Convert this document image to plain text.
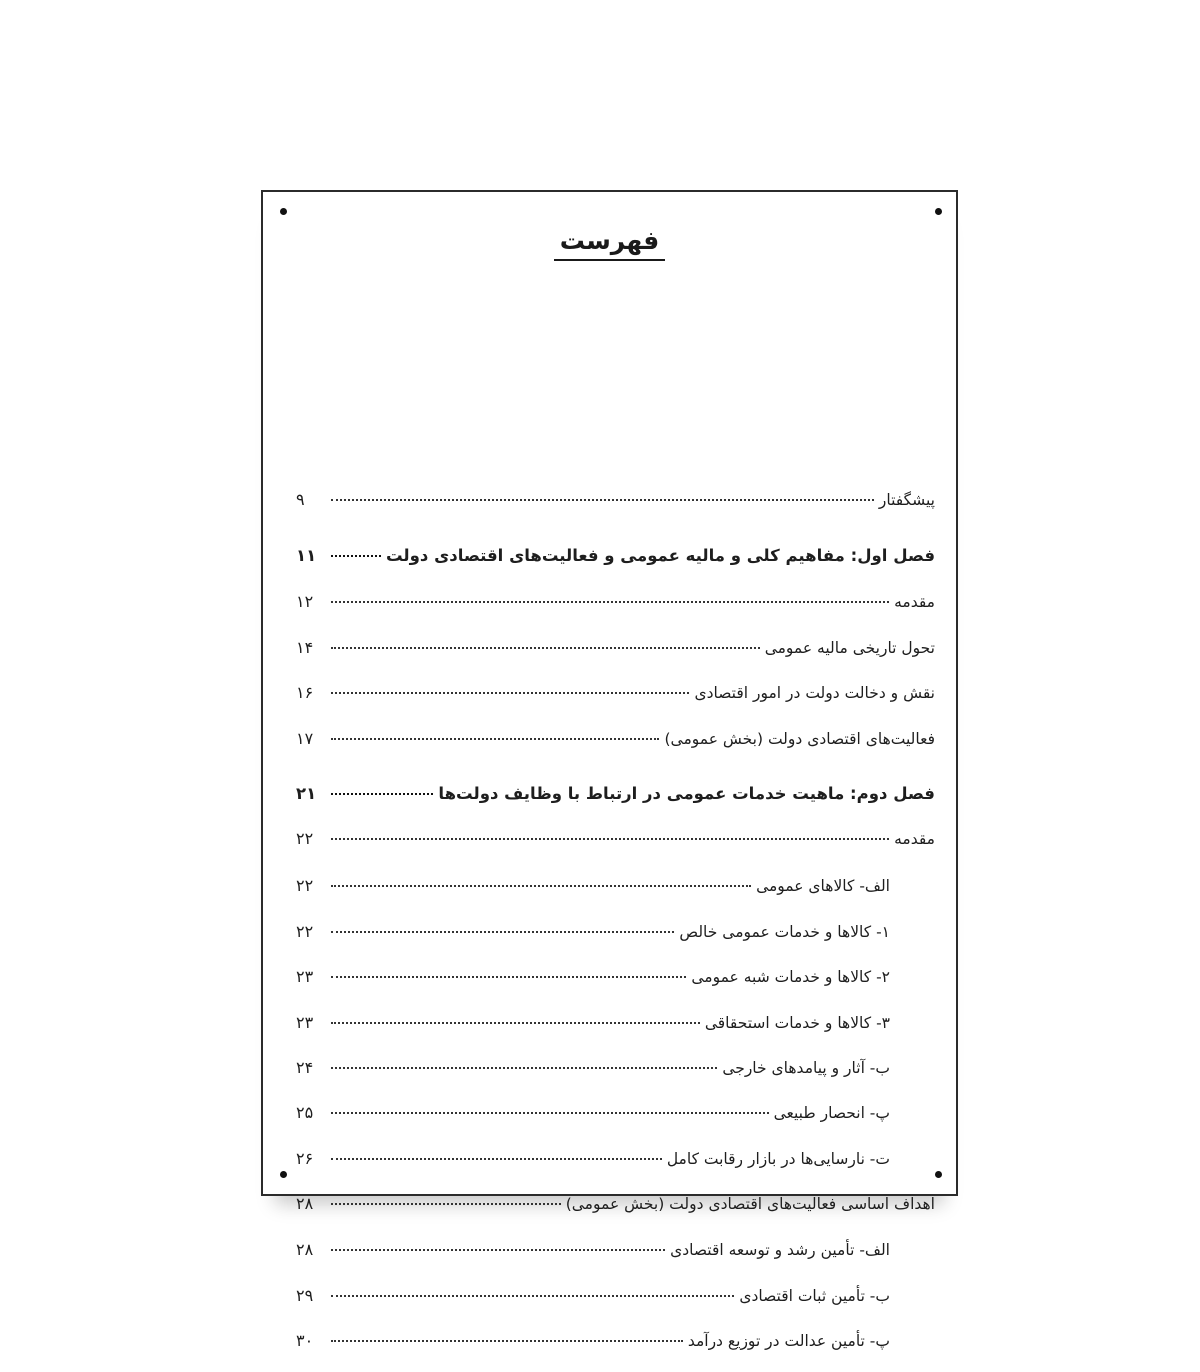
فهرست
۹	پیشگفتار
۱۱	فصل اول: مفاهیم کلی و مالیه عمومی و فعالیت‌های اقتصادی دولت
۱۲	مقدمه
۱۴	تحول تاریخی مالیه عمومی
۱۶	نقش و دخالت دولت در امور اقتصادی
۱۷	فعالیت‌های اقتصادی دولت (بخش عمومی)
۲۱	فصل دوم: ماهیت خدمات عمومی در ارتباط با وظایف دولت‌ها
۲۲	مقدمه
۲۲	الف- کالاهای عمومی
۲۲	۱- کالاها و خدمات عمومی خالص
۲۳	۲- کالاها و خدمات شبه عمومی
۲۳	۳- کالاها و خدمات استحقاقی
۲۴	ب- آثار و پیامدهای خارجی
۲۵	پ- انحصار طبیعی
۲۶	ت- نارسایی‌ها در بازار رقابت کامل
۲۸	اهداف اساسی فعالیت‌های اقتصادی دولت (بخش عمومی)
۲۸	الف- تأمین رشد و توسعه اقتصادی
۲۹	ب- تأمین ثبات اقتصادی
۳۰	پ- تأمین عدالت در توزیع درآمد
